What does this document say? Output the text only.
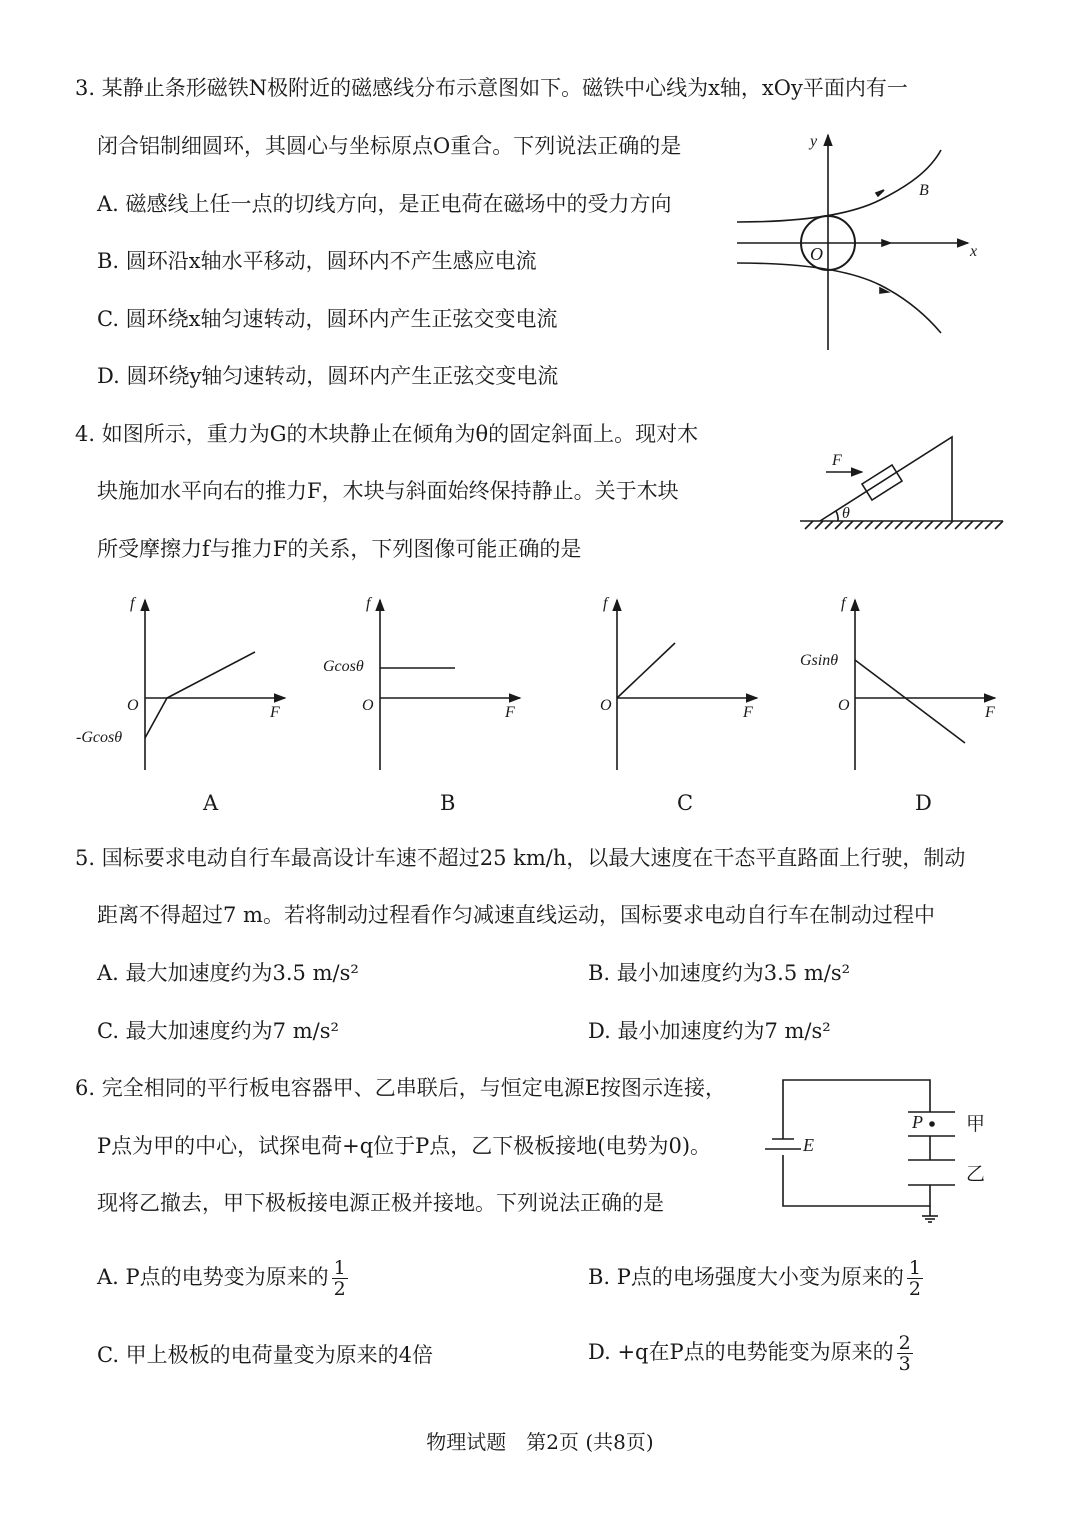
3. 某静止条形磁铁N极附近的磁感线分布示意图如下。磁铁中心线为x轴，xOy平面内有一
闭合铝制细圆环，其圆心与坐标原点O重合。下列说法正确的是
A. 磁感线上任一点的切线方向，是正电荷在磁场中的受力方向
B. 圆环沿x轴水平移动，圆环内不产生感应电流
C. 圆环绕x轴匀速转动，圆环内产生正弦交变电流
D. 圆环绕y轴匀速转动，圆环内产生正弦交变电流
y
x
O
B
4. 如图所示，重力为G的木块静止在倾角为θ的固定斜面上。现对木
块施加水平向右的推力F，木块与斜面始终保持静止。关于木块
所受摩擦力f与推力F的关系，下列图像可能正确的是
F
θ
f
F
O
-Gcosθ
A
f
F
O
Gcosθ
B
f
F
O
C
f
F
O
Gsinθ
D
5. 国标要求电动自行车最高设计车速不超过25 km/h，以最大速度在干态平直路面上行驶，制动
距离不得超过7 m。若将制动过程看作匀减速直线运动，国标要求电动自行车在制动过程中
A. 最大加速度约为3.5 m/s²	B. 最小加速度约为3.5 m/s²
C. 最大加速度约为7 m/s²	D. 最小加速度约为7 m/s²
6. 完全相同的平行板电容器甲、乙串联后，与恒定电源E按图示连接，
P点为甲的中心，试探电荷+q位于P点，乙下极板接地(电势为0)。
现将乙撤去，甲下极板接电源正极并接地。下列说法正确的是
E
P 甲
乙
A. P点的电势变为原来的 $\frac{1}{2}$	B. P点的电场强度大小变为原来的 $\frac{1}{2}$
C. 甲上极板的电荷量变为原来的4倍	D. +q在P点的电势能变为原来的 $\frac{2}{3}$
物理试题　第2页 (共8页)
